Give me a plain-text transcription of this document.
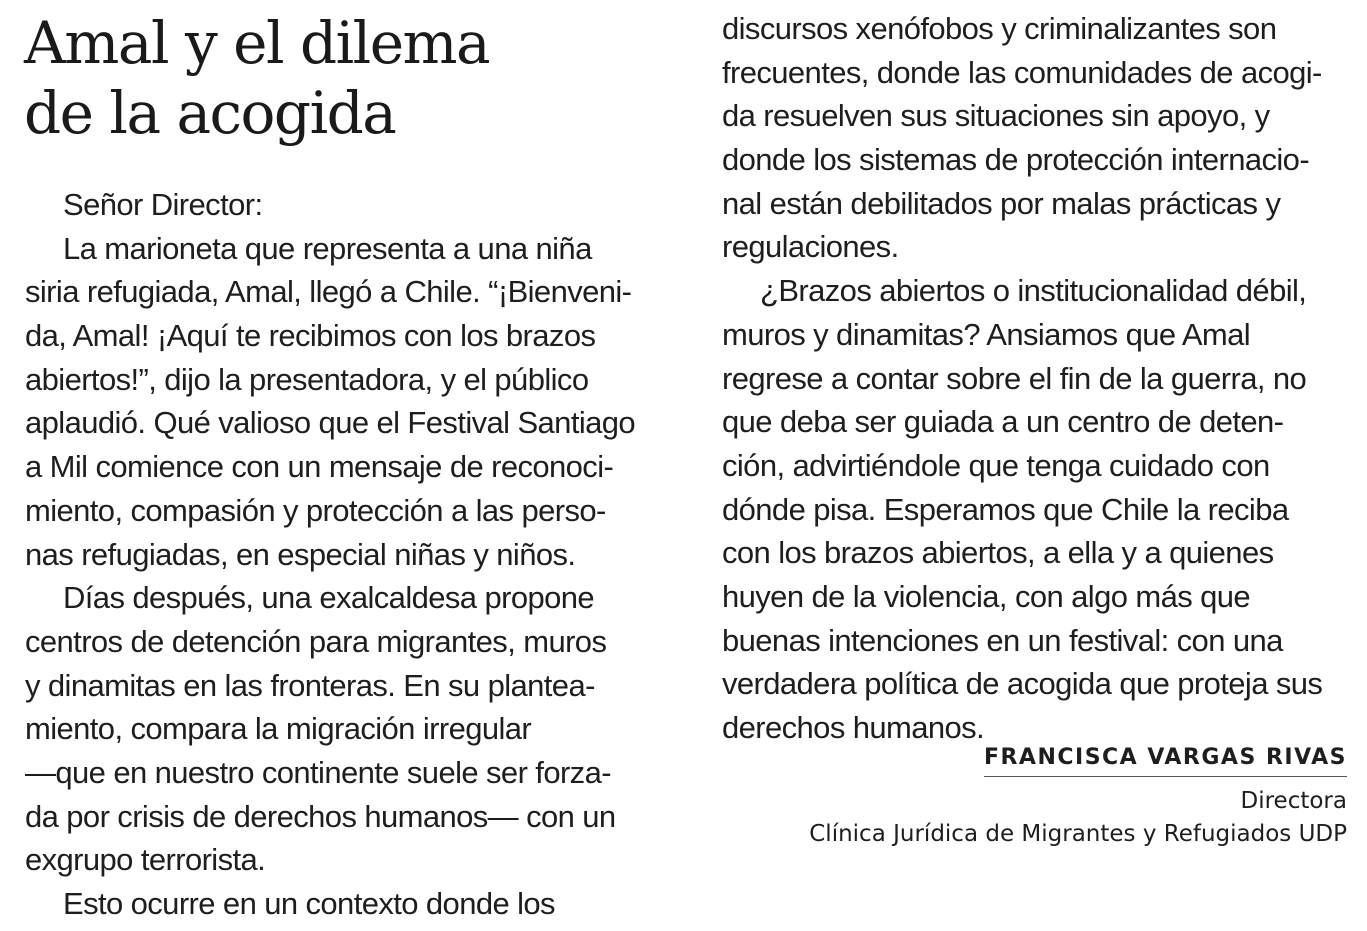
Amal y el dilema
de la acogida
Señor Director:
La marioneta que representa a una niña
siria refugiada, Amal, llegó a Chile. “¡Bienveni-
da, Amal! ¡Aquí te recibimos con los brazos
abiertos!”, dijo la presentadora, y el público
aplaudió. Qué valioso que el Festival Santiago
a Mil comience con un mensaje de reconoci-
miento, compasión y protección a las perso-
nas refugiadas, en especial niñas y niños.
Días después, una exalcaldesa propone
centros de detención para migrantes, muros
y dinamitas en las fronteras. En su plantea-
miento, compara la migración irregular
—que en nuestro continente suele ser forza-
da por crisis de derechos humanos— con un
exgrupo terrorista.
Esto ocurre en un contexto donde los
discursos xenófobos y criminalizantes son
frecuentes, donde las comunidades de acogi-
da resuelven sus situaciones sin apoyo, y
donde los sistemas de protección internacio-
nal están debilitados por malas prácticas y
regulaciones.
¿Brazos abiertos o institucionalidad débil,
muros y dinamitas? Ansiamos que Amal
regrese a contar sobre el fin de la guerra, no
que deba ser guiada a un centro de deten-
ción, advirtiéndole que tenga cuidado con
dónde pisa. Esperamos que Chile la reciba
con los brazos abiertos, a ella y a quienes
huyen de la violencia, con algo más que
buenas intenciones en un festival: con una
verdadera política de acogida que proteja sus
derechos humanos.
FRANCISCA VARGAS RIVAS
Directora
Clínica Jurídica de Migrantes y Refugiados UDP
